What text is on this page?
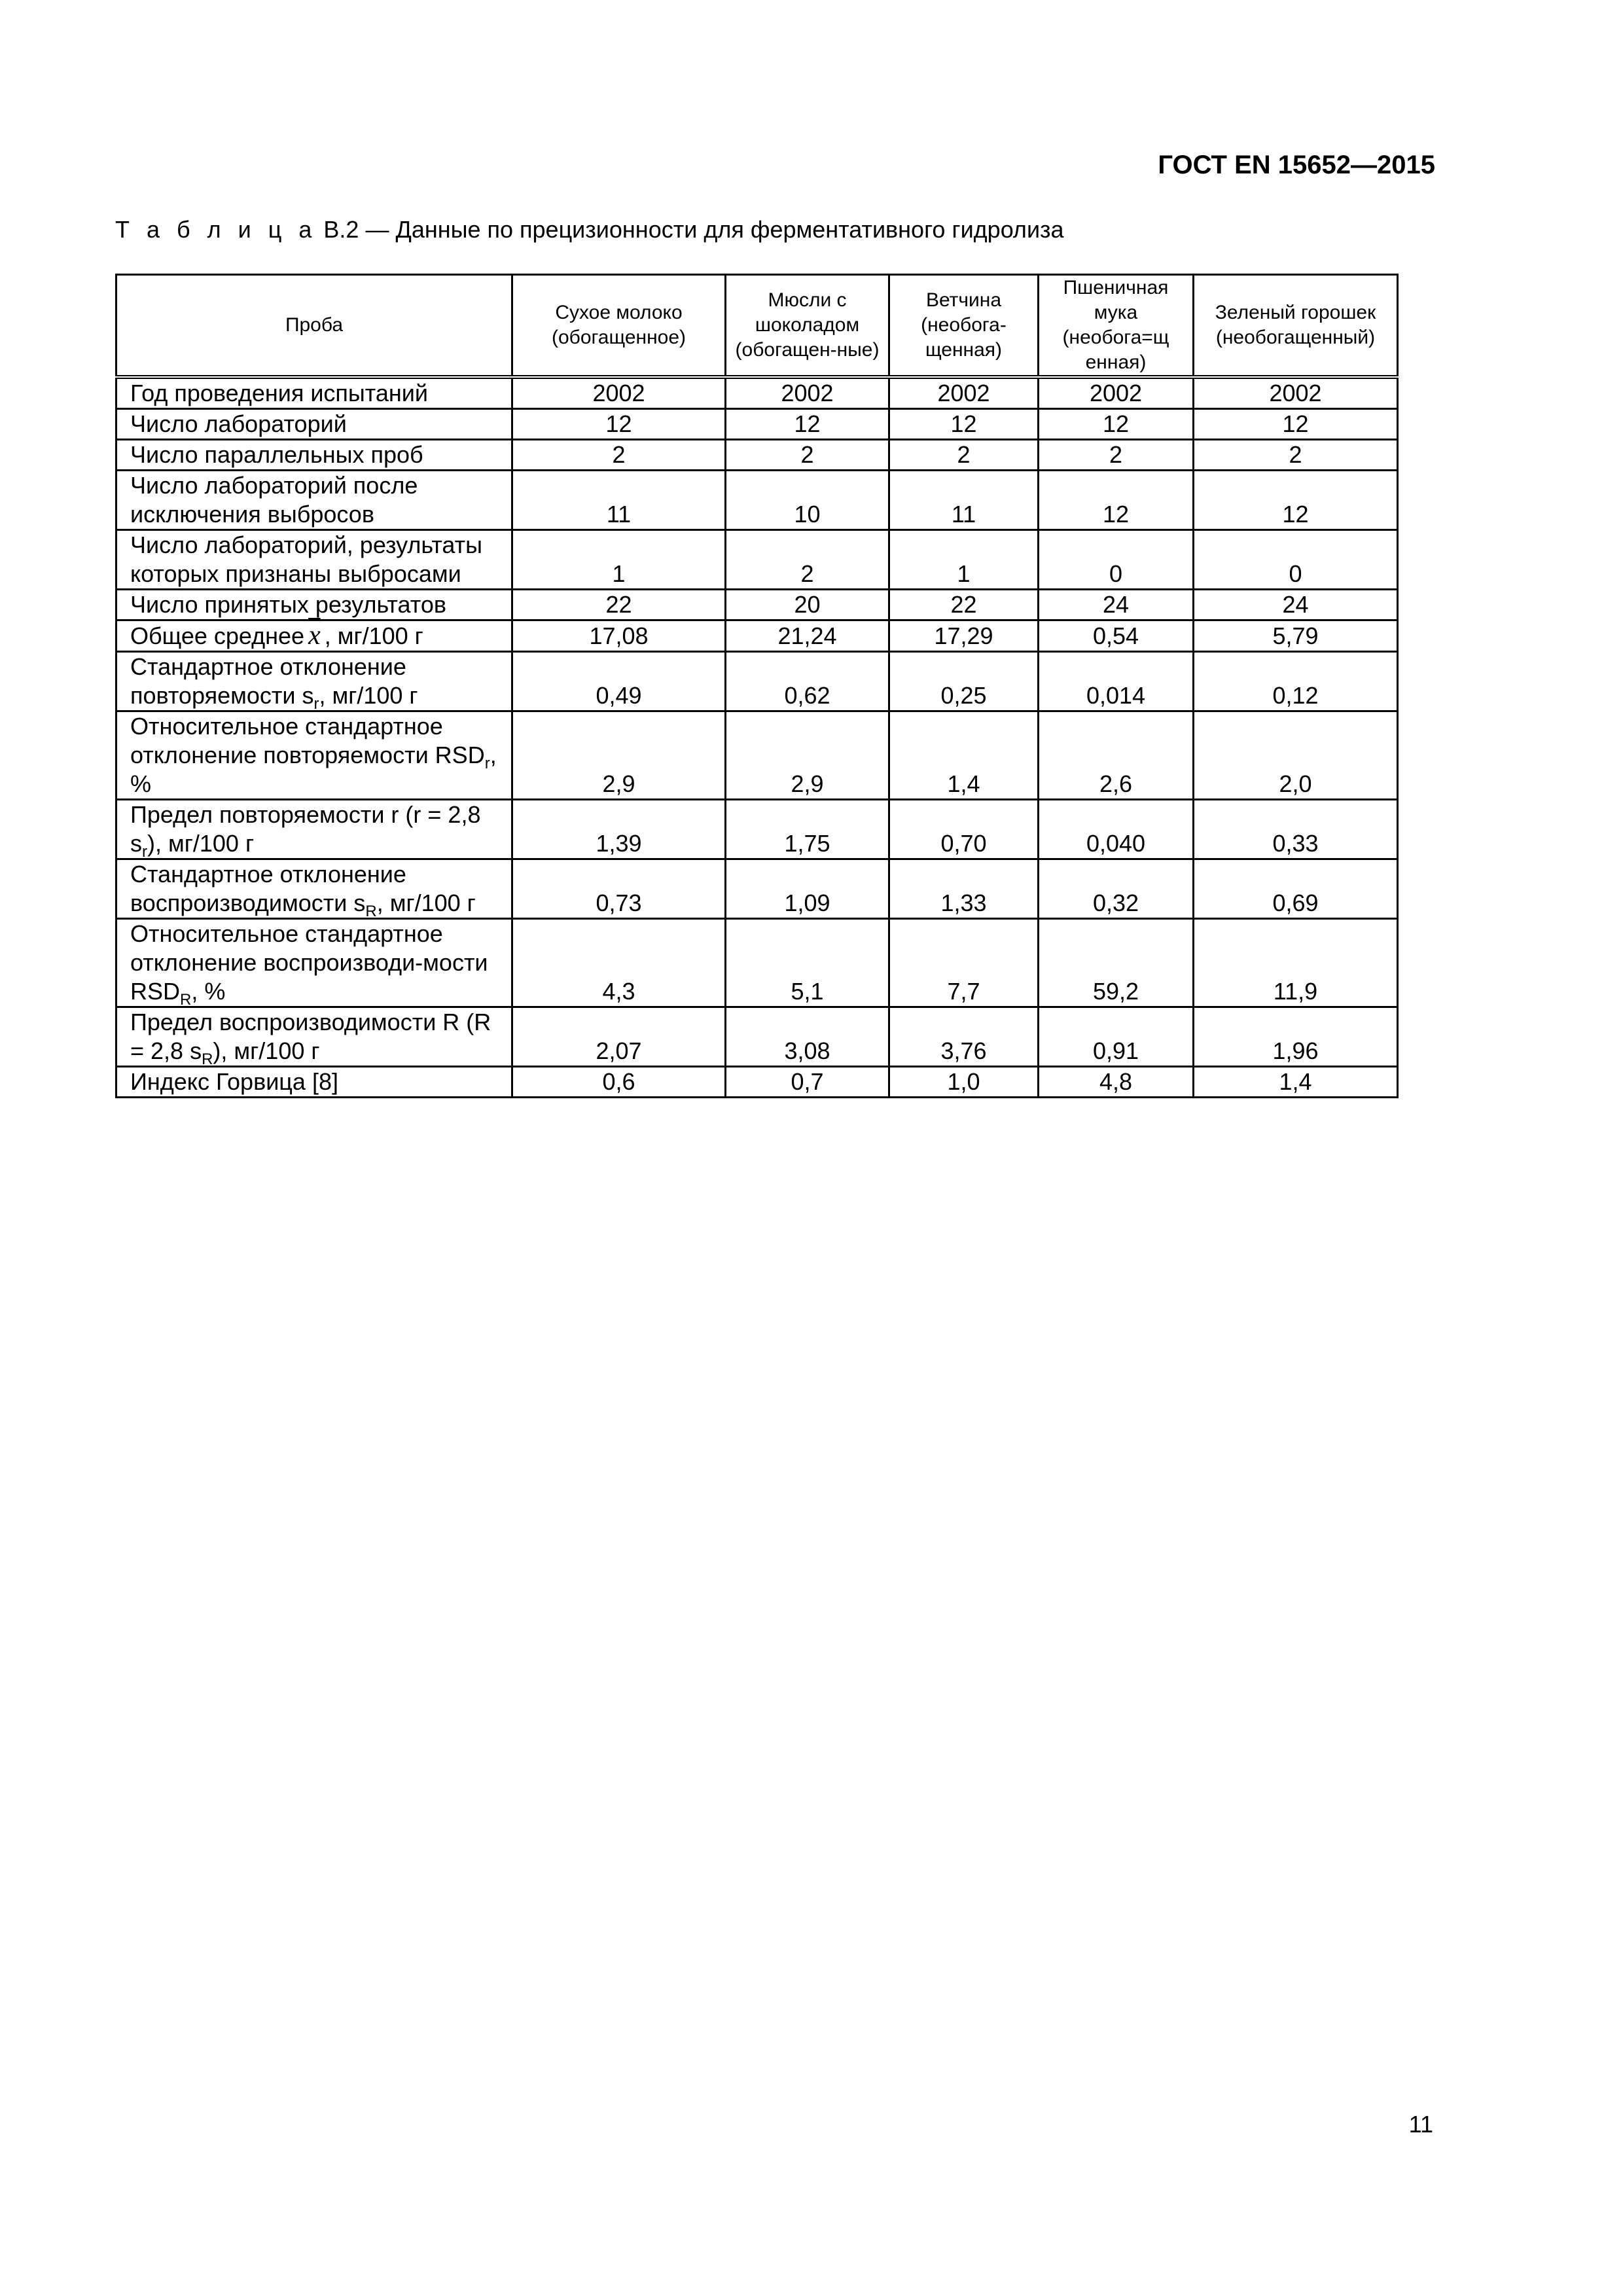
ГОСТ EN 15652—2015
Т а б л и ц а В.2 — Данные по прецизионности для ферментативного гидролиза
Проба	Сухое молоко (обогащенное)	Мюсли с шоколадом (обогащен-ные)	Ветчина (необога-щенная)	Пшеничная мука (необога=щ енная)	Зеленый горошек (необогащенный)
Год проведения испытаний	2002	2002	2002	2002	2002
Число лабораторий	12	12	12	12	12
Число параллельных проб	2	2	2	2	2
Число лабораторий после исключения выбросов	11	10	11	12	12
Число лабораторий, результаты которых признаны выбросами	1	2	1	0	0
Число принятых результатов	22	20	22	24	24
Общее среднее $\overline{x}$ , мг/100 г	17,08	21,24	17,29	0,54	5,79
Стандартное отклонение повторяемости $s_r$, мг/100 г	0,49	0,62	0,25	0,014	0,12
Относительное стандартное отклонение повторяемости $RSD_r$, %	2,9	2,9	1,4	2,6	2,0
Предел повторяемости r (r = 2,8 $s_r$), мг/100 г	1,39	1,75	0,70	0,040	0,33
Стандартное отклонение воспроизводимости $s_R$, мг/100 г	0,73	1,09	1,33	0,32	0,69
Относительное стандартное отклонение воспроизводи-мости $RSD_R$, %	4,3	5,1	7,7	59,2	11,9
Предел воспроизводимости R (R = 2,8 $s_R$), мг/100 г	2,07	3,08	3,76	0,91	1,96
Индекс Горвица [8]	0,6	0,7	1,0	4,8	1,4
11
